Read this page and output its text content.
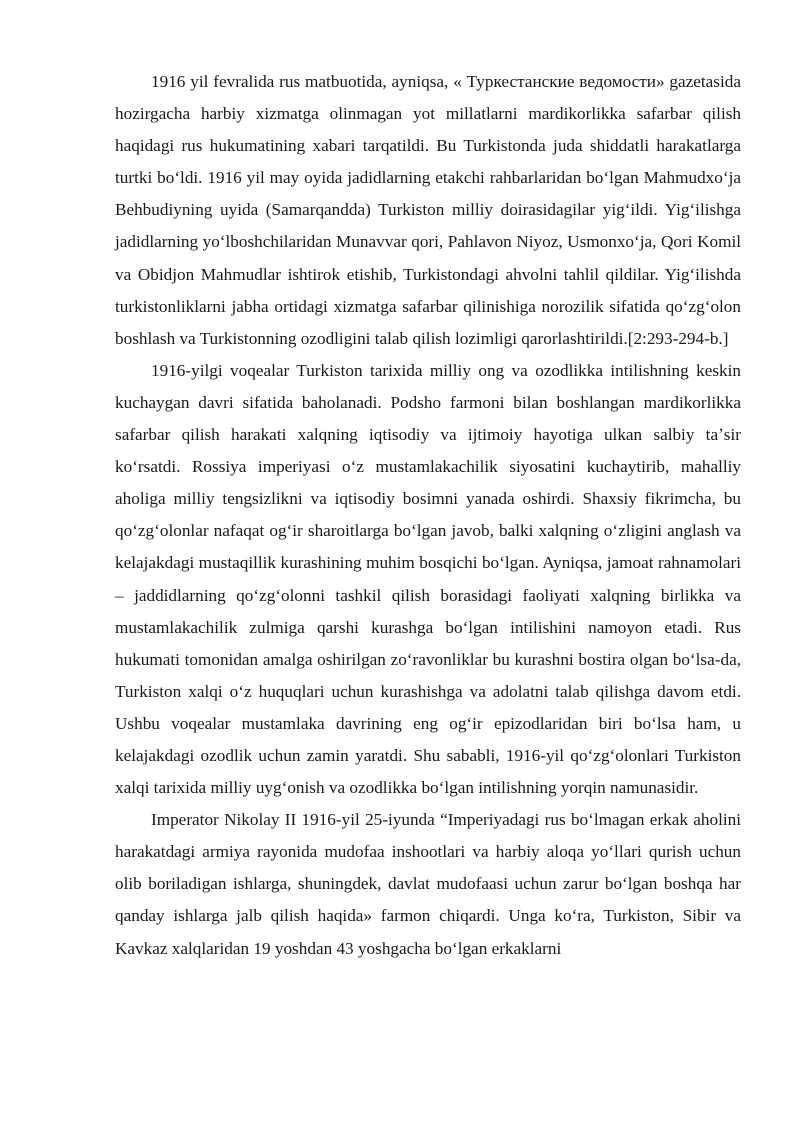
1916 yil fevralida rus matbuotida, ayniqsa, « Туркестанские ведомости» gazetasida hozirgacha harbiy xizmatga olinmagan yot millatlarni mardikorlikka safarbar qilish haqidagi rus hukumatining xabari tarqatildi. Bu Turkistonda juda shiddatli harakatlarga turtki boʻldi. 1916 yil may oyida jadidlarning etakchi rahbarlaridan boʻlgan Mahmudxoʻja Behbudiyning uyida (Samarqandda) Turkiston milliy doirasidagilar yigʻildi. Yigʻilishga jadidlarning yoʻlboshchilaridan Munavvar qori, Pahlavon Niyoz, Usmonxoʻja, Qori Komil va Obidjon Mahmudlar ishtirok etishib, Turkistondagi ahvolni tahlil qildilar. Yigʻilishda turkistonliklarni jabha ortidagi xizmatga safarbar qilinishiga norozilik sifatida qoʻzgʻolon boshlash va Turkistonning ozodligini talab qilish lozimligi qarorlashtirildi.[2:293-294-b.]

1916-yilgi voqealar Turkiston tarixida milliy ong va ozodlikka intilishning keskin kuchaygan davri sifatida baholanadi. Podsho farmoni bilan boshlangan mardikorlikka safarbar qilish harakati xalqning iqtisodiy va ijtimoiy hayotiga ulkan salbiy taʼsir koʻrsatdi. Rossiya imperiyasi oʻz mustamlakachilik siyosatini kuchaytirib, mahalliy aholiga milliy tengsizlikni va iqtisodiy bosimni yanada oshirdi. Shaxsiy fikrimcha, bu qoʻzgʻolonlar nafaqat ogʻir sharoitlarga boʻlgan javob, balki xalqning oʻzligini anglash va kelajakdagi mustaqillik kurashining muhim bosqichi boʻlgan. Ayniqsa, jamoat rahnamolari – jaddidlarning qoʻzgʻolonni tashkil qilish borasidagi faoliyati xalqning birlikka va mustamlakachilik zulmiga qarshi kurashga boʻlgan intilishini namoyon etadi. Rus hukumati tomonidan amalga oshirilgan zoʻravonliklar bu kurashni bostira olgan boʻlsa-da, Turkiston xalqi oʻz huquqlari uchun kurashishga va adolatni talab qilishga davom etdi. Ushbu voqealar mustamlaka davrining eng ogʻir epizodlaridan biri boʻlsa ham, u kelajakdagi ozodlik uchun zamin yaratdi. Shu sababli, 1916-yil qoʻzgʻolonlari Turkiston xalqi tarixida milliy uygʻonish va ozodlikka boʻlgan intilishning yorqin namunasidir.

Imperator Nikolay II 1916-yil 25-iyunda “Imperiyadagi rus boʻlmagan erkak aholini harakatdagi armiya rayonida mudofaa inshootlari va harbiy aloqa yoʻllari qurish uchun olib boriladigan ishlarga, shuningdek, davlat mudofaasi uchun zarur boʻlgan boshqa har qanday ishlarga jalb qilish haqida» farmon chiqardi. Unga koʻra, Turkiston, Sibir va Kavkaz xalqlaridan 19 yoshdan 43 yoshgacha boʻlgan erkaklarni
